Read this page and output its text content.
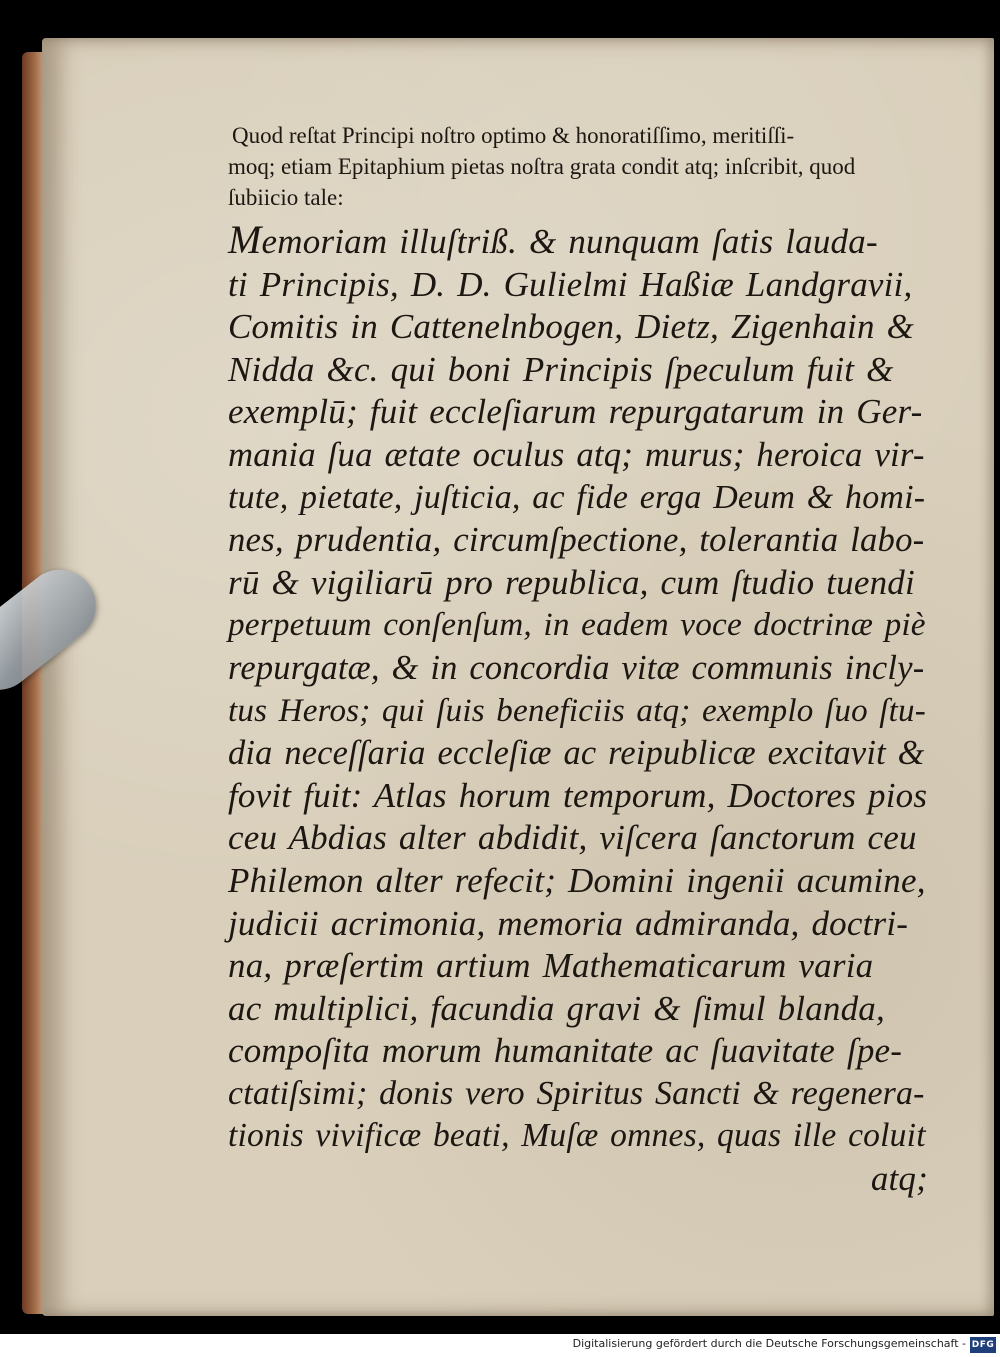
Quod reſtat Principi noſtro optimo & honoratiſſimo, meritiſſi-
moq; etiam Epitaphium pietas noſtra grata condit atq; inſcribit, quod
ſubiicio tale:

Memoriam illuſtriß. & nunquam ſatis lauda-
ti Principis, D. D. Gulielmi Haßiæ Landgravii,
Comitis in Cattenelnbogen, Dietz, Zigenhain &
Nidda &c. qui boni Principis ſpeculum fuit &
exemplū; fuit eccleſiarum repurgatarum in Ger-
mania ſua ætate oculus atq; murus; heroica vir-
tute, pietate, juſticia, ac fide erga Deum & homi-
nes, prudentia, circumſpectione, tolerantia labo-
rū & vigiliarū pro republica, cum ſtudio tuendi
perpetuum conſenſum, in eadem voce doctrinæ piè
repurgatæ, & in concordia vitæ communis incly-
tus Heros; qui ſuis beneficiis atq; exemplo ſuo ſtu-
dia neceſſaria eccleſiæ ac reipublicæ excitavit &
fovit fuit: Atlas horum temporum, Doctores pios
ceu Abdias alter abdidit, viſcera ſanctorum ceu
Philemon alter refecit; Domini ingenii acumine,
judicii acrimonia, memoria admiranda, doctri-
na, præſertim artium Mathematicarum varia
ac multiplici, facundia gravi & ſimul blanda,
compoſita morum humanitate ac ſuavitate ſpe-
ctatiſsimi; donis vero Spiritus Sancti & regenera-
tionis vivificæ beati, Muſæ omnes, quas ille coluit
atq;
Digitalisierung gefördert durch die Deutsche Forschungsgemeinschaft - DFG
